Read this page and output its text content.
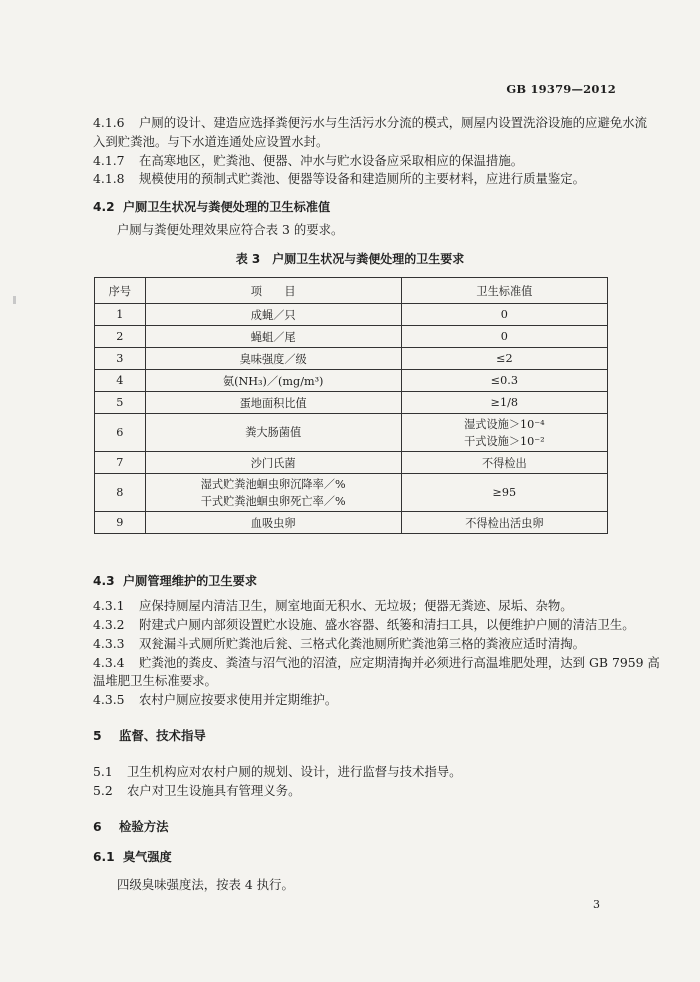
GB 19379—2012
4.1.6 户厕的设计、建造应选择粪便污水与生活污水分流的模式，厕屋内设置洗浴设施的应避免水流
入到贮粪池。与下水道连通处应设置水封。
4.1.7 在高寒地区，贮粪池、便器、冲水与贮水设备应采取相应的保温措施。
4.1.8 规模使用的预制式贮粪池、便器等设备和建造厕所的主要材料，应进行质量鉴定。
4.2 户厕卫生状况与粪便处理的卫生标准值
户厕与粪便处理效果应符合表 3 的要求。
表 3　户厕卫生状况与粪便处理的卫生要求
序号	项　　目	卫生标准值
1	成蝇／只	0

2	蝇蛆／尾	0

3	臭味强度／级	≤2

4	氨(NH₃)／(mg/m³)	≤0.3

5	蛋地面积比值	≥1/8

6	粪大肠菌值	湿式设施＞10⁻⁴
干式设施＞10⁻²

7	沙门氏菌	不得检出

8	湿式贮粪池蛔虫卵沉降率／%
干式贮粪池蛔虫卵死亡率／%	≥95

9	血吸虫卵	不得检出活虫卵
4.3 户厕管理维护的卫生要求
4.3.1 应保持厕屋内清洁卫生，厕室地面无积水、无垃圾；便器无粪迹、尿垢、杂物。
4.3.2 附建式户厕内部须设置贮水设施、盛水容器、纸篓和清扫工具，以便维护户厕的清洁卫生。
4.3.3 双瓮漏斗式厕所贮粪池后瓮、三格式化粪池厕所贮粪池第三格的粪液应适时清掏。
4.3.4 贮粪池的粪皮、粪渣与沼气池的沼渣，应定期清掏并必须进行高温堆肥处理，达到 GB 7959 高
温堆肥卫生标准要求。
4.3.5 农村户厕应按要求使用并定期维护。
5 监督、技术指导
5.1 卫生机构应对农村户厕的规划、设计，进行监督与技术指导。
5.2 农户对卫生设施具有管理义务。
6 检验方法
6.1 臭气强度
四级臭味强度法，按表 4 执行。
3
